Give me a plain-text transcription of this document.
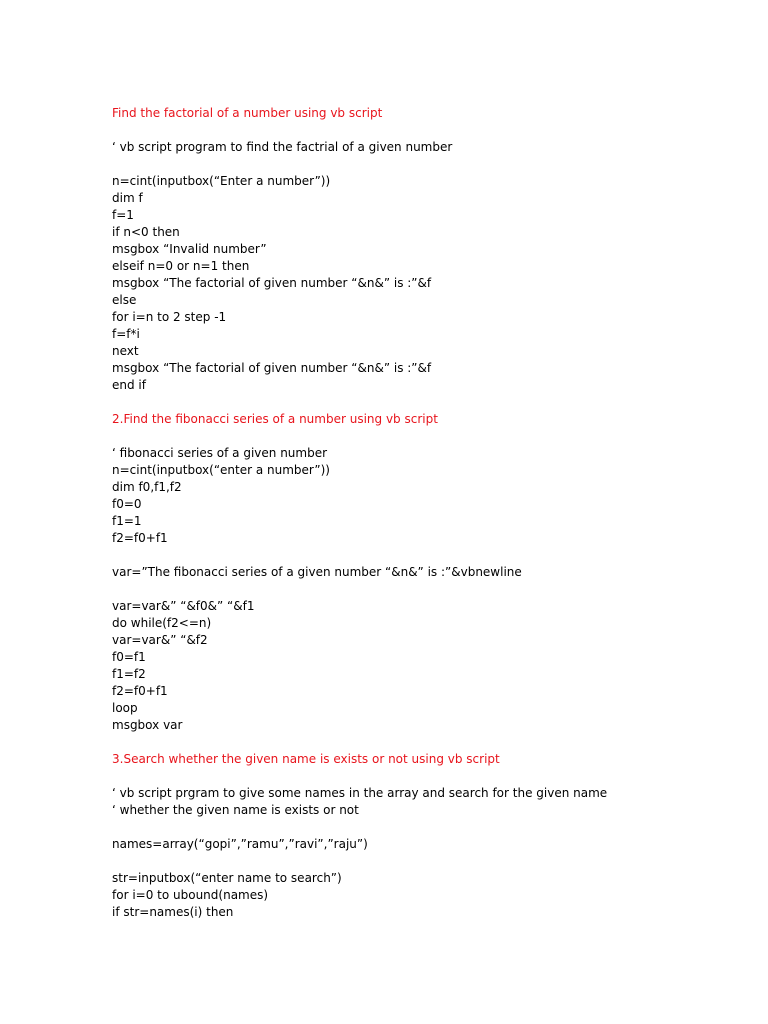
Find the factorial of a number using vb script
‘ vb script program to find the factrial of a given number
n=cint(inputbox(“Enter a number”))
dim f
f=1
if n<0 then
msgbox “Invalid number”
elseif n=0 or n=1 then
msgbox “The factorial of given number “&n&” is :”&f
else
for i=n to 2 step -1
f=f*i
next
msgbox “The factorial of given number “&n&” is :”&f
end if
2.Find the fibonacci series of a number using vb script
‘ fibonacci series of a given number
n=cint(inputbox(“enter a number”))
dim f0,f1,f2
f0=0
f1=1
f2=f0+f1
var=”The fibonacci series of a given number “&n&” is :”&vbnewline
var=var&” “&f0&” “&f1
do while(f2<=n)
var=var&” “&f2
f0=f1
f1=f2
f2=f0+f1
loop
msgbox var
3.Search whether the given name is exists or not using vb script
‘ vb script prgram to give some names in the array and search for the given name
‘ whether the given name is exists or not
names=array(“gopi”,”ramu”,”ravi”,”raju”)
str=inputbox(“enter name to search”)
for i=0 to ubound(names)
if str=names(i) then
